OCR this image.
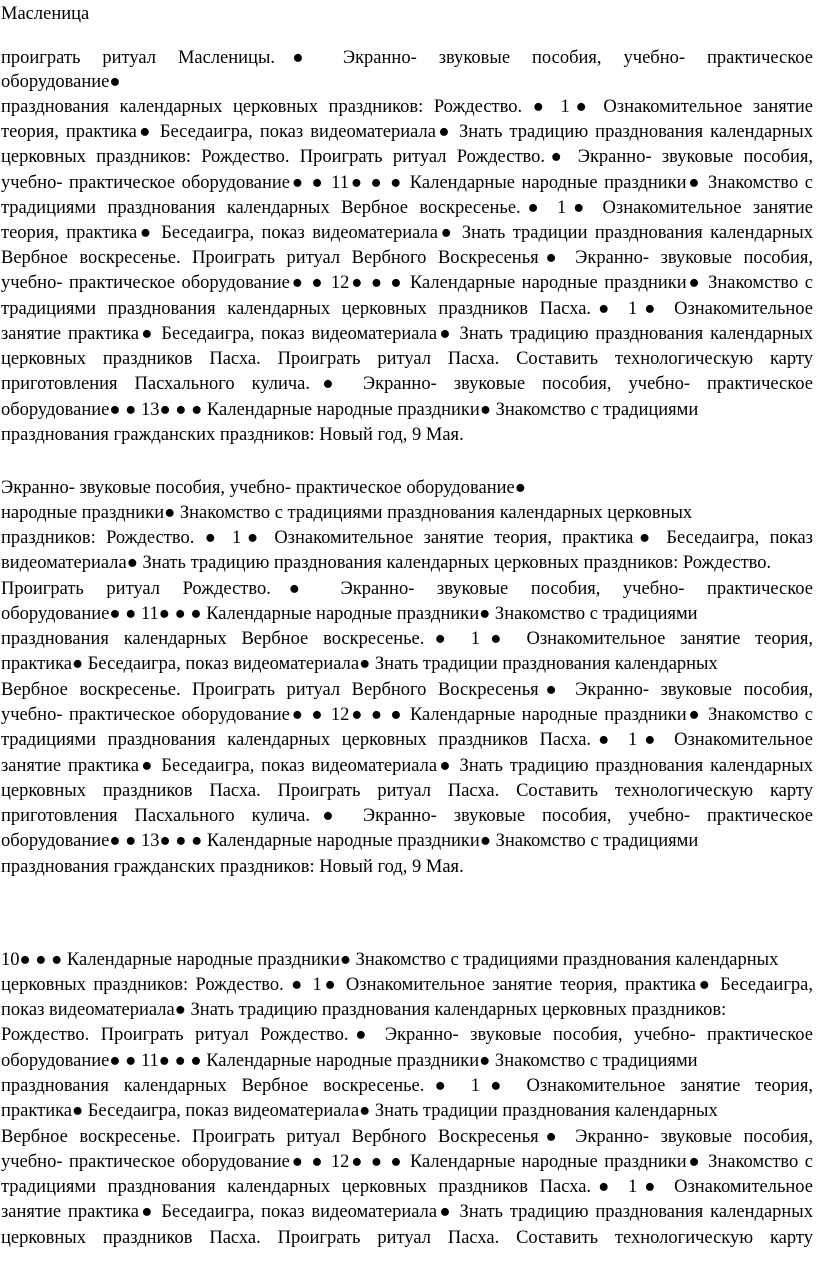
Масленица
проиграть ритуал Масленицы.● Экранно- звуковые пособия, учебно- практическое
оборудование●
празднования календарных церковных праздников: Рождество. ● 1● Ознакомительное занятие
теория, практика● Беседаигра, показ видеоматериала● Знать традицию празднования календарных
церковных праздников: Рождество. Проиграть ритуал Рождество.● Экранно- звуковые пособия,
учебно- практическое оборудование● ● 11● ● ● Календарные народные праздники● Знакомство с
традициями празднования календарных Вербное воскресенье.● 1● Ознакомительное занятие
теория, практика● Беседаигра, показ видеоматериала● Знать традиции празднования календарных
Вербное воскресенье. Проиграть ритуал Вербного Воскресенья● Экранно- звуковые пособия,
учебно- практическое оборудование● ● 12● ● ● Календарные народные праздники● Знакомство с
традициями празднования календарных церковных праздников Пасха.● 1● Ознакомительное
занятие практика● Беседаигра, показ видеоматериала● Знать традицию празднования календарных
церковных праздников Пасха. Проиграть ритуал Пасха. Составить технологическую карту
приготовления Пасхального кулича.● Экранно- звуковые пособия, учебно- практическое
оборудование● ● 13● ● ● Календарные народные праздники● Знакомство с традициями
празднования гражданских праздников: Новый год, 9 Мая.
Экранно- звуковые пособия, учебно- практическое оборудование●
народные праздники● Знакомство с традициями празднования календарных церковных
праздников: Рождество. ● 1● Ознакомительное занятие теория, практика● Беседаигра, показ
видеоматериала● Знать традицию празднования календарных церковных праздников: Рождество.
Проиграть ритуал Рождество.● Экранно- звуковые пособия, учебно- практическое
оборудование● ● 11● ● ● Календарные народные праздники● Знакомство с традициями
празднования календарных Вербное воскресенье.● 1● Ознакомительное занятие теория,
практика● Беседаигра, показ видеоматериала● Знать традиции празднования календарных
Вербное воскресенье. Проиграть ритуал Вербного Воскресенья● Экранно- звуковые пособия,
учебно- практическое оборудование● ● 12● ● ● Календарные народные праздники● Знакомство с
традициями празднования календарных церковных праздников Пасха.● 1● Ознакомительное
занятие практика● Беседаигра, показ видеоматериала● Знать традицию празднования календарных
церковных праздников Пасха. Проиграть ритуал Пасха. Составить технологическую карту
приготовления Пасхального кулича.● Экранно- звуковые пособия, учебно- практическое
оборудование● ● 13● ● ● Календарные народные праздники● Знакомство с традициями
празднования гражданских праздников: Новый год, 9 Мая.
10● ● ● Календарные народные праздники● Знакомство с традициями празднования календарных
церковных праздников: Рождество. ● 1● Ознакомительное занятие теория, практика● Беседаигра,
показ видеоматериала● Знать традицию празднования календарных церковных праздников:
Рождество. Проиграть ритуал Рождество.● Экранно- звуковые пособия, учебно- практическое
оборудование● ● 11● ● ● Календарные народные праздники● Знакомство с традициями
празднования календарных Вербное воскресенье.● 1● Ознакомительное занятие теория,
практика● Беседаигра, показ видеоматериала● Знать традиции празднования календарных
Вербное воскресенье. Проиграть ритуал Вербного Воскресенья● Экранно- звуковые пособия,
учебно- практическое оборудование● ● 12● ● ● Календарные народные праздники● Знакомство с
традициями празднования календарных церковных праздников Пасха.● 1● Ознакомительное
занятие практика● Беседаигра, показ видеоматериала● Знать традицию празднования календарных
церковных праздников Пасха. Проиграть ритуал Пасха. Составить технологическую карту
